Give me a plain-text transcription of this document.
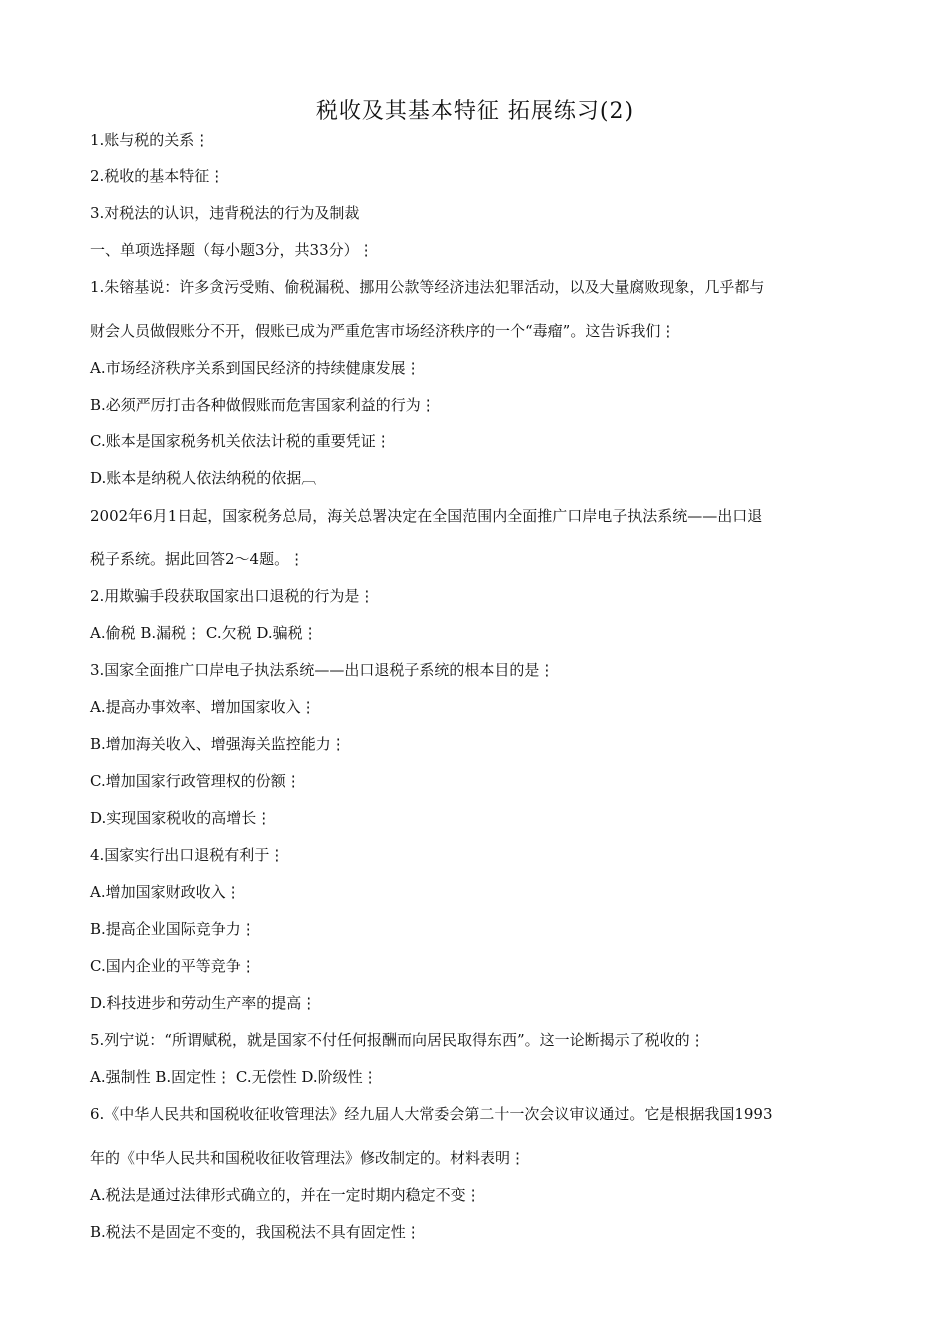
税收及其基本特征 拓展练习(2)
1.账与税的关系⋮
2.税收的基本特征⋮
3.对税法的认识，违背税法的行为及制裁
一、单项选择题（每小题3分，共33分）⋮
1.朱镕基说：许多贪污受贿、偷税漏税、挪用公款等经济违法犯罪活动，以及大量腐败现象，几乎都与
财会人员做假账分不开，假账已成为严重危害市场经济秩序的一个“毒瘤”。这告诉我们⋮
A.市场经济秩序关系到国民经济的持续健康发展⋮
B.必须严厉打击各种做假账而危害国家利益的行为⋮
C.账本是国家税务机关依法计税的重要凭证⋮
D.账本是纳税人依法纳税的依据︹
2002年6月1日起，国家税务总局，海关总署决定在全国范围内全面推广口岸电子执法系统——出口退
税子系统。据此回答2～4题。⋮
2.用欺骗手段获取国家出口退税的行为是⋮
A.偷税 B.漏税⋮ C.欠税 D.骗税⋮
3.国家全面推广口岸电子执法系统——出口退税子系统的根本目的是⋮
A.提高办事效率、增加国家收入⋮
B.增加海关收入、增强海关监控能力⋮
C.增加国家行政管理权的份额⋮
D.实现国家税收的高增长⋮
4.国家实行出口退税有利于⋮
A.增加国家财政收入⋮
B.提高企业国际竞争力⋮
C.国内企业的平等竞争⋮
D.科技进步和劳动生产率的提高⋮
5.列宁说：“所谓赋税，就是国家不付任何报酬而向居民取得东西”。这一论断揭示了税收的⋮
A.强制性 B.固定性⋮ C.无偿性 D.阶级性⋮
6.《中华人民共和国税收征收管理法》经九届人大常委会第二十一次会议审议通过。它是根据我国1993
年的《中华人民共和国税收征收管理法》修改制定的。材料表明⋮
A.税法是通过法律形式确立的，并在一定时期内稳定不变⋮
B.税法不是固定不变的，我国税法不具有固定性⋮
